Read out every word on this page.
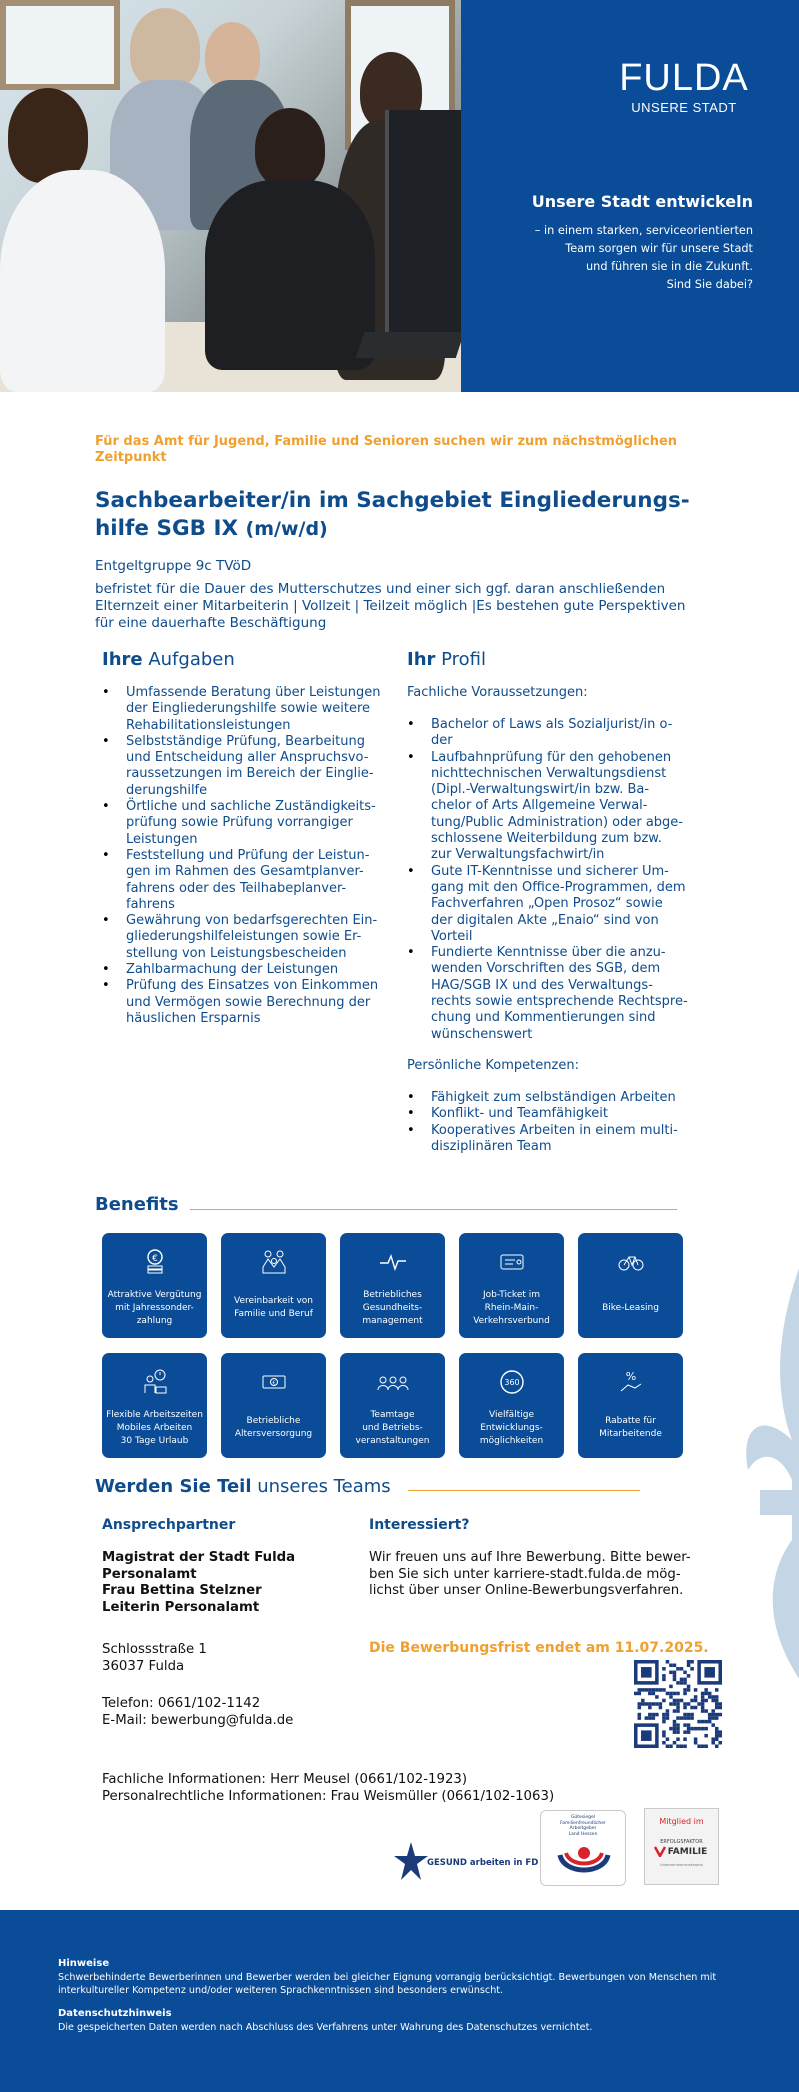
FULDA
UNSERE STADT
Unsere Stadt entwickeln
– in einem starken, serviceorientierten
Team sorgen wir für unsere Stadt
und führen sie in die Zukunft.
Sind Sie dabei?
Für das Amt für Jugend, Familie und Senioren suchen wir zum nächstmöglichen Zeitpunkt
Sachbearbeiter/in im Sachgebiet Eingliederungs-
hilfe SGB IX (m/w/d)
Entgeltgruppe 9c TVöD
befristet für die Dauer des Mutterschutzes und einer sich ggf. daran anschließenden
Elternzeit einer Mitarbeiterin | Vollzeit | Teilzeit möglich |Es bestehen gute Perspektiven
für eine dauerhafte Beschäftigung
Ihre Aufgaben
• Umfassende Beratung über Leistungen
der Eingliederungshilfe sowie weitere
Rehabilitationsleistungen
• Selbstständige Prüfung, Bearbeitung
und Entscheidung aller Anspruchsvo-
raussetzungen im Bereich der Einglie-
derungshilfe
• Örtliche und sachliche Zuständigkeits-
prüfung sowie Prüfung vorrangiger
Leistungen
• Feststellung und Prüfung der Leistun-
gen im Rahmen des Gesamtplanver-
fahrens oder des Teilhabeplanver-
fahrens
• Gewährung von bedarfsgerechten Ein-
gliederungshilfeleistungen sowie Er-
stellung von Leistungsbescheiden
• Zahlbarmachung der Leistungen
• Prüfung des Einsatzes von Einkommen
und Vermögen sowie Berechnung der
häuslichen Ersparnis
Ihr Profil
Fachliche Voraussetzungen:
• Bachelor of Laws als Sozialjurist/in o-
der
• Laufbahnprüfung für den gehobenen
nichttechnischen Verwaltungsdienst
(Dipl.-Verwaltungswirt/in bzw. Ba-
chelor of Arts Allgemeine Verwal-
tung/Public Administration) oder abge-
schlossene Weiterbildung zum bzw.
zur Verwaltungsfachwirt/in
• Gute IT-Kenntnisse und sicherer Um-
gang mit den Office-Programmen, dem
Fachverfahren „Open Prosoz“ sowie
der digitalen Akte „Enaio“ sind von
Vorteil
• Fundierte Kenntnisse über die anzu-
wenden Vorschriften des SGB, dem
HAG/SGB IX und des Verwaltungs-
rechts sowie entsprechende Rechtspre-
chung und Kommentierungen sind
wünschenswert
Persönliche Kompetenzen:
• Fähigkeit zum selbständigen Arbeiten
• Konflikt- und Teamfähigkeit
• Kooperatives Arbeiten in einem multi-
disziplinären Team
Benefits
€
Attraktive Vergütung
mit Jahressonder-
zahlung
Vereinbarkeit von
Familie und Beruf
Betriebliches
Gesundheits-
management
Job-Ticket im
Rhein-Main-
Verkehrsverbund
Bike-Leasing
Flexible Arbeitszeiten
Mobiles Arbeiten
30 Tage Urlaub
€
Betriebliche
Altersversorgung
Teamtage
und Betriebs-
veranstaltungen
360
Vielfältige
Entwicklungs-
möglichkeiten
%
Rabatte für
Mitarbeitende
Werden Sie Teil unseres Teams
Ansprechpartner
Magistrat der Stadt Fulda
Personalamt
Frau Bettina Stelzner
Leiterin Personalamt
Schlossstraße 1
36037 Fulda
Telefon: 0661/102-1142
E-Mail: bewerbung@fulda.de
Interessiert?
Wir freuen uns auf Ihre Bewerbung. Bitte bewer-
ben Sie sich unter karriere-stadt.fulda.de mög-
lichst über unser Online-Bewerbungsverfahren.
Die Bewerbungsfrist endet am 11.07.2025.
Fachliche Informationen: Herr Meusel (0661/102-1923)
Personalrechtliche Informationen: Frau Weismüller (0661/102-1063)
GESUND arbeiten in FD
Gütesiegel
Familienfreundlicher
Arbeitgeber
Land Hessen
Mitglied im
ERFOLGSFAKTOR
FAMILIE
Unternehmensnetzwerk
Hinweise
Schwerbehinderte Bewerberinnen und Bewerber werden bei gleicher Eignung vorrangig berücksichtigt. Bewerbungen von Menschen mit
interkultureller Kompetenz und/oder weiteren Sprachkenntnissen sind besonders erwünscht.
Datenschutzhinweis
Die gespeicherten Daten werden nach Abschluss des Verfahrens unter Wahrung des Datenschutzes vernichtet.
